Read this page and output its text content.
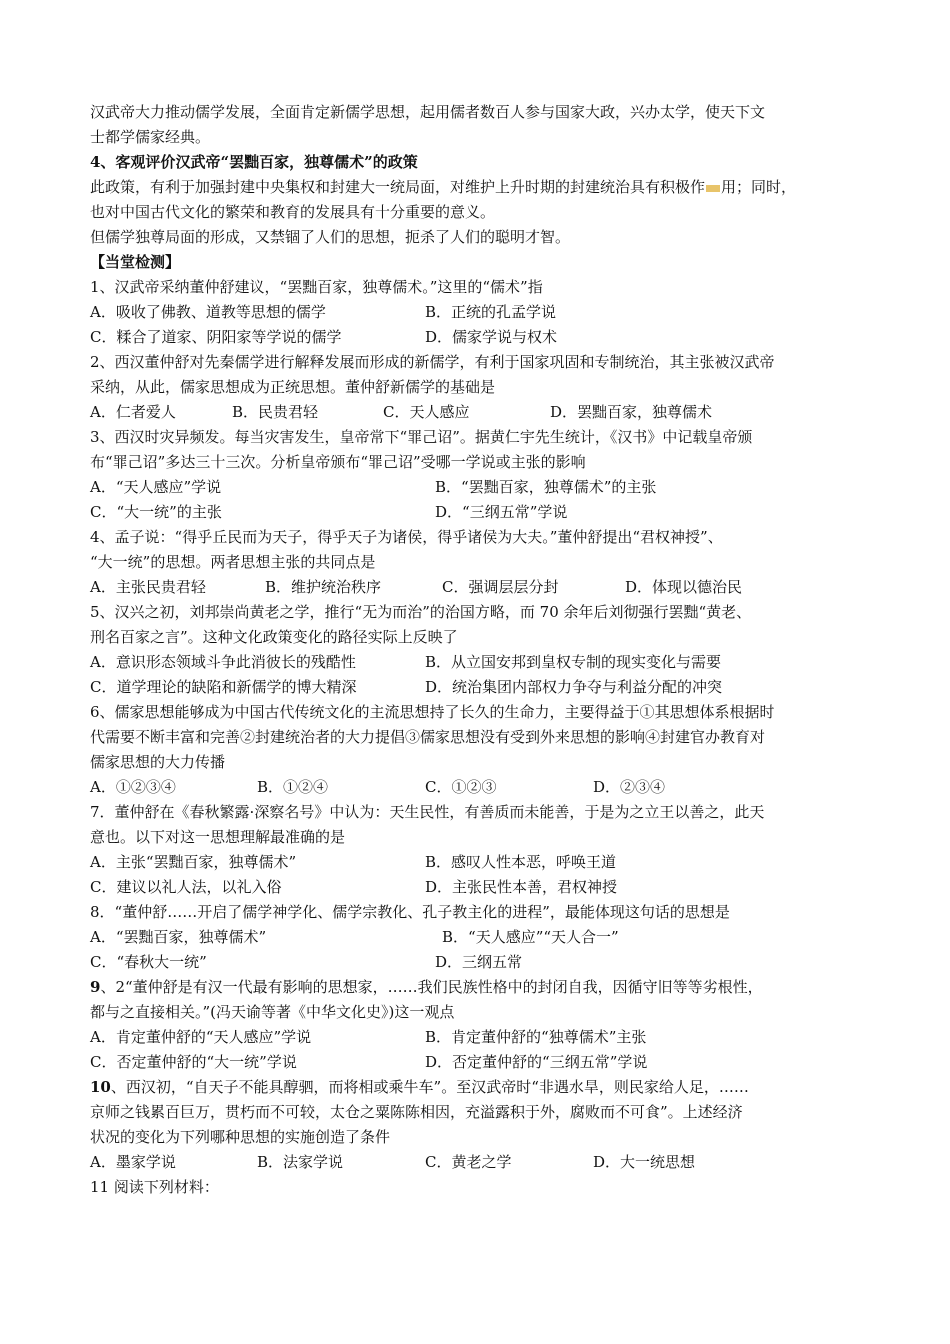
汉武帝大力推动儒学发展，全面肯定新儒学思想，起用儒者数百人参与国家大政，兴办太学，使天下文
士都学儒家经典。
4、客观评价汉武帝“罢黜百家，独尊儒术”的政策
此政策，有利于加强封建中央集权和封建大一统局面，对维护上升时期的封建统治具有积极作 用；同时，
也对中国古代文化的繁荣和教育的发展具有十分重要的意义。
但儒学独尊局面的形成，又禁锢了人们的思想，扼杀了人们的聪明才智。
【当堂检测】
1、汉武帝采纳董仲舒建议，“罢黜百家，独尊儒术。”这里的“儒术”指
A．吸收了佛教、道教等思想的儒学	B．正统的孔孟学说
C．糅合了道家、阴阳家等学说的儒学	D．儒家学说与权术
2、西汉董仲舒对先秦儒学进行解释发展而形成的新儒学，有利于国家巩固和专制统治，其主张被汉武帝
采纳，从此，儒家思想成为正统思想。董仲舒新儒学的基础是
A．仁者爱人	B．民贵君轻	C．天人感应	D．罢黜百家，独尊儒术
3、西汉时灾异频发。每当灾害发生，皇帝常下“罪己诏”。据黄仁宇先生统计，《汉书》中记载皇帝颁
布“罪己诏”多达三十三次。分析皇帝颁布“罪己诏”受哪一学说或主张的影响
A．“天人感应”学说	B．“罢黜百家，独尊儒术”的主张
C．“大一统”的主张	D．“三纲五常”学说
4、孟子说：“得乎丘民而为天子，得乎天子为诸侯，得乎诸侯为大夫。”董仲舒提出“君权神授”、
“大一统”的思想。两者思想主张的共同点是
A．主张民贵君轻	B．维护统治秩序	C．强调层层分封	D．体现以德治民
5、汉兴之初，刘邦崇尚黄老之学，推行“无为而治”的治国方略，而 70 余年后刘彻强行罢黜“黄老、
刑名百家之言”。这种文化政策变化的路径实际上反映了
A．意识形态领域斗争此消彼长的残酷性	B．从立国安邦到皇权专制的现实变化与需要
C．道学理论的缺陷和新儒学的博大精深	D．统治集团内部权力争夺与利益分配的冲突
6、儒家思想能够成为中国古代传统文化的主流思想持了长久的生命力，主要得益于①其思想体系根据时
代需要不断丰富和完善②封建统治者的大力提倡③儒家思想没有受到外来思想的影响④封建官办教育对
儒家思想的大力传播
A．①②③④	B．①②④	C．①②③	D．②③④
7．董仲舒在《春秋繁露·深察名号》中认为：天生民性，有善质而未能善，于是为之立王以善之，此天
意也。以下对这一思想理解最准确的是
A．主张“罢黜百家，独尊儒术”	B．感叹人性本恶，呼唤王道
C．建议以礼人法，以礼入俗	D．主张民性本善，君权神授
8．“董仲舒……开启了儒学神学化、儒学宗教化、孔子教主化的进程”，最能体现这句话的思想是
A．“罢黜百家，独尊儒术”	B．“天人感应”“天人合一”
C．“春秋大一统”	D．三纲五常
9、2“董仲舒是有汉一代最有影响的思想家，……我们民族性格中的封闭自我，因循守旧等等劣根性，
都与之直接相关。”(冯天谕等著《中华文化史》)这一观点
A．肯定董仲舒的“天人感应”学说	B．肯定董仲舒的“独尊儒术”主张
C．否定董仲舒的“大一统”学说	D．否定董仲舒的“三纲五常”学说
10、西汉初，“自天子不能具醇驷，而将相或乘牛车”。至汉武帝时“非遇水旱，则民家给人足，……
京师之钱累百巨万，贯朽而不可较，太仓之粟陈陈相因，充溢露积于外，腐败而不可食”。上述经济
状况的变化为下列哪种思想的实施创造了条件
A．墨家学说	B．法家学说	C．黄老之学	D．大一统思想
11 阅读下列材料：
